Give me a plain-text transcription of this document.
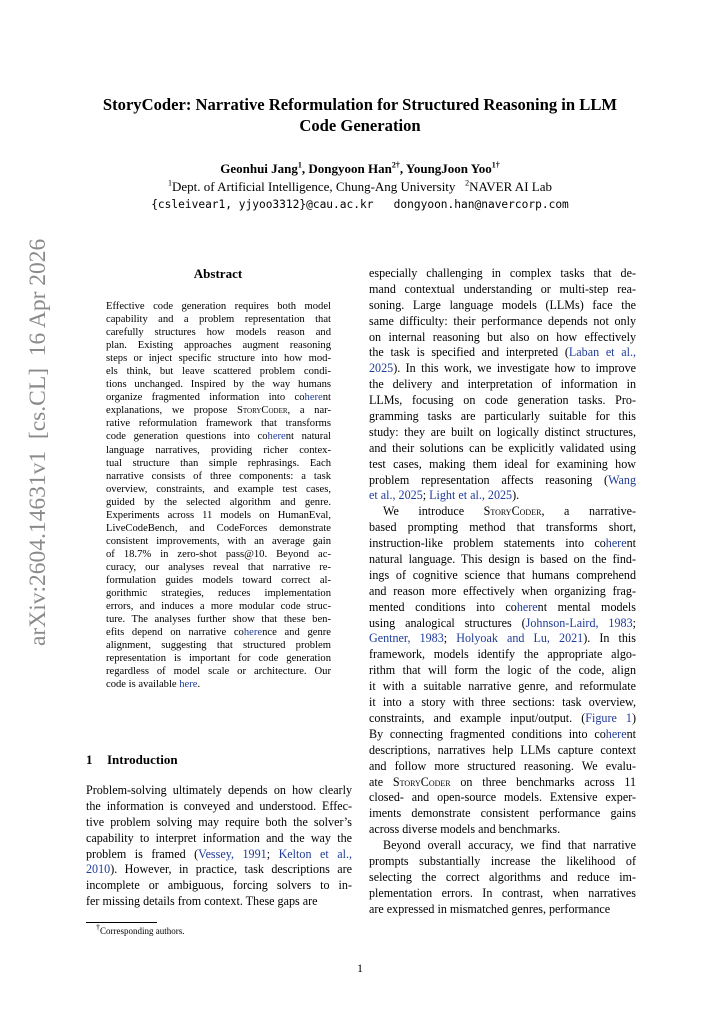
StoryCoder: Narrative Reformulation for Structured Reasoning in LLM
Code Generation
Geonhui Jang$^1$, Dongyoon Han$^{2\dagger}$, YoungJoon Yoo$^{1\dagger}$
$^1$Dept. of Artificial Intelligence, Chung-Ang University $^2$NAVER AI Lab
{csleivear1, yjyoo3312}@cau.ac.kr   dongyoon.han@navercorp.com
arXiv:2604.14631v1  [cs.CL]  16 Apr 2026	Abstract
Effective code generation requires both model
capability and a problem representation that
carefully structures how models reason and
plan. Existing approaches augment reasoning
steps or inject specific structure into how mod-
els think, but leave scattered problem condi-
tions unchanged. Inspired by the way humans
organize fragmented information into coherent
explanations, we propose StoryCoder, a nar-
rative reformulation framework that transforms
code generation questions into coherent natural
language narratives, providing richer contex-
tual structure than simple rephrasings. Each
narrative consists of three components: a task
overview, constraints, and example test cases,
guided by the selected algorithm and genre.
Experiments across 11 models on HumanEval,
LiveCodeBench, and CodeForces demonstrate
consistent improvements, with an average gain
of 18.7% in zero-shot pass@10. Beyond ac-
curacy, our analyses reveal that narrative re-
formulation guides models toward correct al-
gorithmic strategies, reduces implementation
errors, and induces a more modular code struc-
ture. The analyses further show that these ben-
efits depend on narrative coherence and genre
alignment, suggesting that structured problem
representation is important for code generation
regardless of model scale or architecture. Our
code is available here.
1 Introduction
Problem-solving ultimately depends on how clearly
the information is conveyed and understood. Effec-
tive problem solving may require both the solver’s
capability to interpret information and the way the
problem is framed (Vessey, 1991; Kelton et al.,
2010). However, in practice, task descriptions are
incomplete or ambiguous, forcing solvers to in-
fer missing details from context. These gaps are
especially challenging in complex tasks that de-
mand contextual understanding or multi-step rea-
soning. Large language models (LLMs) face the
same difficulty: their performance depends not only
on internal reasoning but also on how effectively
the task is specified and interpreted (Laban et al.,
2025). In this work, we investigate how to improve
the delivery and interpretation of information in
LLMs, focusing on code generation tasks. Pro-
gramming tasks are particularly suitable for this
study: they are built on logically distinct structures,
and their solutions can be explicitly validated using
test cases, making them ideal for examining how
problem representation affects reasoning (Wang
et al., 2025; Light et al., 2025).
We introduce StoryCoder, a narrative-
based prompting method that transforms short,
instruction-like problem statements into coherent
natural language. This design is based on the find-
ings of cognitive science that humans comprehend
and reason more effectively when organizing frag-
mented conditions into coherent mental models
using analogical structures (Johnson-Laird, 1983;
Gentner, 1983; Holyoak and Lu, 2021). In this
framework, models identify the appropriate algo-
rithm that will form the logic of the code, align
it with a suitable narrative genre, and reformulate
it into a story with three sections: task overview,
constraints, and example input/output. (Figure 1)
By connecting fragmented conditions into coherent
descriptions, narratives help LLMs capture context
and follow more structured reasoning. We evalu-
ate StoryCoder on three benchmarks across 11
closed- and open-source models. Extensive exper-
iments demonstrate consistent performance gains
across diverse models and benchmarks.
Beyond overall accuracy, we find that narrative
prompts substantially increase the likelihood of
selecting the correct algorithms and reduce im-
plementation errors. In contrast, when narratives
are expressed in mismatched genres, performance
†Corresponding authors.
1
